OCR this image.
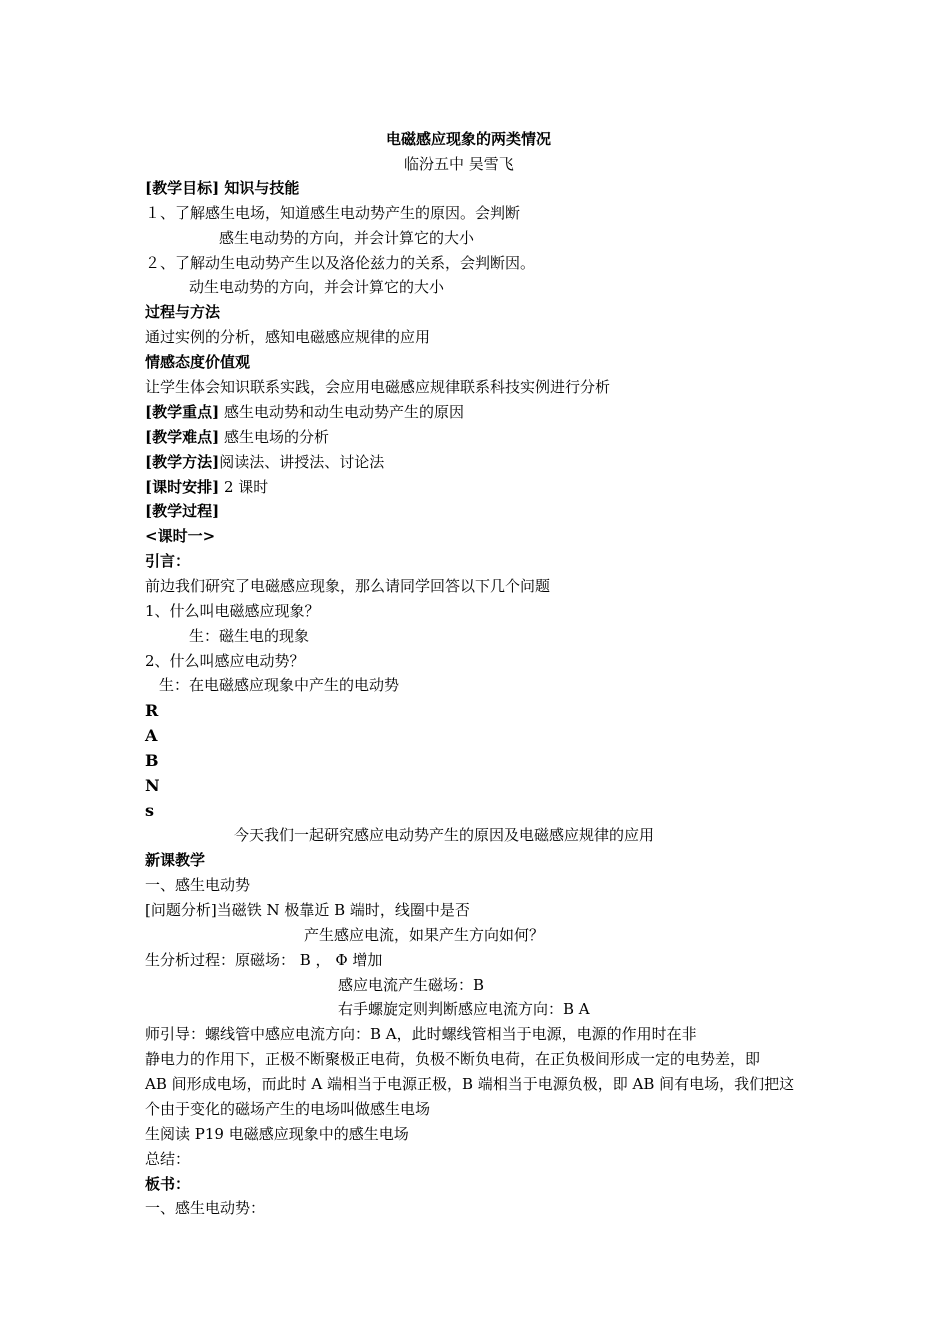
电磁感应现象的两类情况
临汾五中 吴雪飞
[教学目标] 知识与技能
１、了解感生电场，知道感生电动势产生的原因。会判断
感生电动势的方向，并会计算它的大小
２、了解动生电动势产生以及洛伦兹力的关系，会判断因。
动生电动势的方向，并会计算它的大小
过程与方法
通过实例的分析，感知电磁感应规律的应用
情感态度价值观
让学生体会知识联系实践，会应用电磁感应规律联系科技实例进行分析
[教学重点] 感生电动势和动生电动势产生的原因
[教学难点] 感生电场的分析
[教学方法]阅读法、讲授法、讨论法
[课时安排] 2 课时
[教学过程]
<课时一>
引言：
前边我们研究了电磁感应现象，那么请同学回答以下几个问题
1、什么叫电磁感应现象？
生：磁生电的现象
2、什么叫感应电动势？
生：在电磁感应现象中产生的电动势
R
A
B
N
s
今天我们一起研究感应电动势产生的原因及电磁感应规律的应用
新课教学
一、感生电动势
[问题分析]当磁铁 N 极靠近 B 端时，线圈中是否
产生感应电流，如果产生方向如何？
生分析过程：原磁场： B ， Φ 增加
感应电流产生磁场：B
右手螺旋定则判断感应电流方向：B A
师引导：螺线管中感应电流方向：B A，此时螺线管相当于电源，电源的作用时在非
静电力的作用下，正极不断聚极正电荷，负极不断负电荷，在正负极间形成一定的电势差，即
AB 间形成电场，而此时 A 端相当于电源正极，B 端相当于电源负极，即 AB 间有电场，我们把这
个由于变化的磁场产生的电场叫做感生电场
生阅读 P19 电磁感应现象中的感生电场
总结：
板书：
一、感生电动势：
